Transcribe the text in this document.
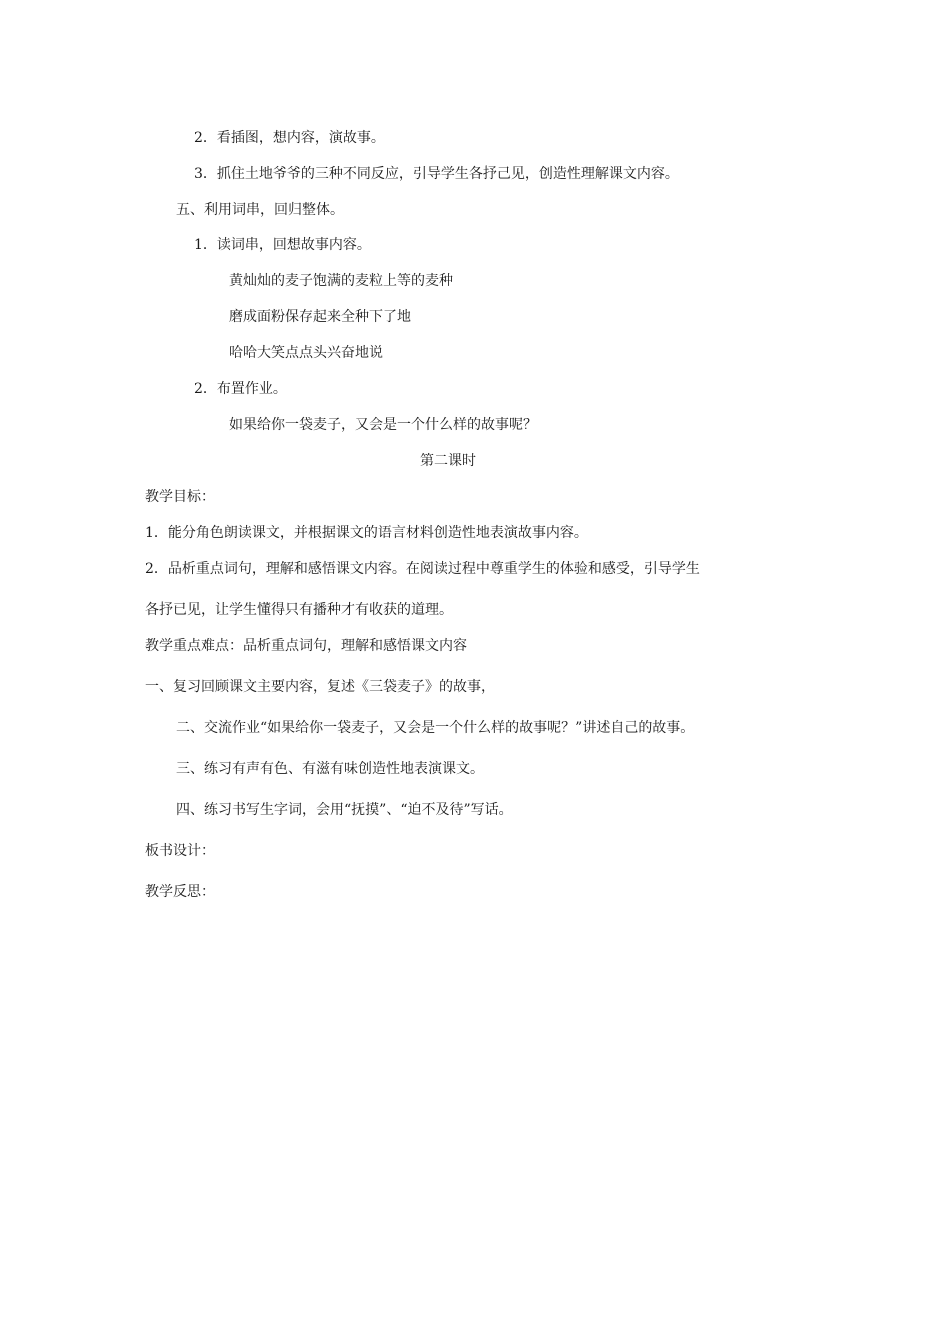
2．看插图，想内容，演故事。
3．抓住土地爷爷的三种不同反应，引导学生各抒己见，创造性理解课文内容。
五、利用词串，回归整体。
1．读词串，回想故事内容。
黄灿灿的麦子饱满的麦粒上等的麦种
磨成面粉保存起来全种下了地
哈哈大笑点点头兴奋地说
2．布置作业。
如果给你一袋麦子，又会是一个什么样的故事呢？
第二课时
教学目标：
1．能分角色朗读课文，并根据课文的语言材料创造性地表演故事内容。
2．品析重点词句，理解和感悟课文内容。在阅读过程中尊重学生的体验和感受，引导学生
各抒已见，让学生懂得只有播种才有收获的道理。
教学重点难点：品析重点词句，理解和感悟课文内容
一、复习回顾课文主要内容，复述《三袋麦子》的故事，
二、交流作业“如果给你一袋麦子，又会是一个什么样的故事呢？”讲述自己的故事。
三、练习有声有色、有滋有味创造性地表演课文。
四、练习书写生字词，会用“抚摸”、“迫不及待”写话。
板书设计：
教学反思：
